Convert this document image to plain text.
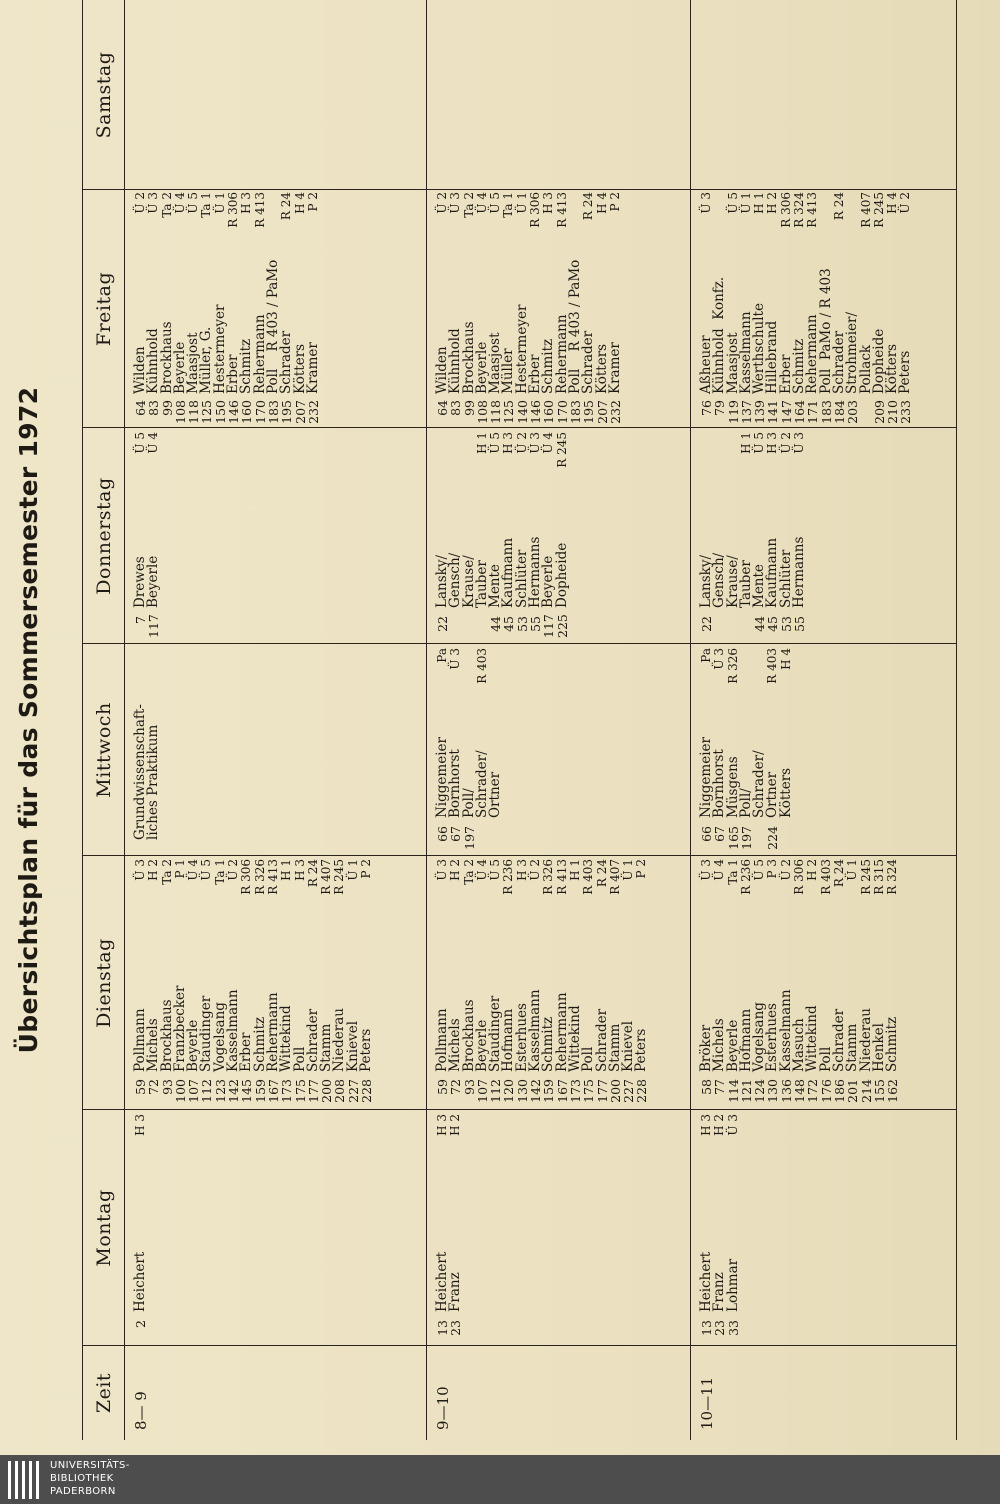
Übersichtsplan für das Sommersemester 1972
Zeit
Montag
Dienstag
Mittwoch
Donnerstag
Freitag
Samstag
8— 9
2
Heichert
H 3
59
72
93
100
107
112
123
142
145
159
167
173
175
177
200
208
227
228
Pollmann
Michels
Brockhaus
Franzbecker
Beyerle
Staudinger
Vogelsang
Kasselmann
Erber
Schmitz
Rehermann
Wittekind
Poll
Schrader
Stamm
Niederau
Knievel
Peters
Ü 3
H 2
Ta 2
P 1
Ü 4
Ü 5
Ta 1
Ü 2
R 306
R 326
R 413
H 1
H 3
R 24
R 407
R 245
Ü 1
P 2
Grundwissenschaft-
liches Praktikum
7
117
Drewes
Beyerle
Ü 5
Ü 4
64
83
99
108
118
125
150
146
160
170
183
195
207
232
Wilden
Kühnhold
Brockhaus
Beyerle
Maasjost
Müller, G.
Hestermeyer
Erber
Schmitz
Rehermann
Poll    R 403 / PaMo
Schrader
Kötters
Kramer
Ü 2
Ü 3
Ta 2
Ü 4
Ü 5
Ta 1
Ü 1
R 306
H 3
R 413

R 24
H 4
P 2
9—10
13
23
Heichert
Franz
H 3
H 2
59
72
93
107
112
120
130
142
159
167
173
175
177
200
227
228
Pollmann
Michels
Brockhaus
Beyerle
Staudinger
Hofmann
Esterhues
Kasselmann
Schmitz
Rehermann
Wittekind
Poll
Schrader
Stamm
Knievel
Peters
Ü 3
H 2
Ta 2
Ü 4
Ü 5
R 236
H 3
Ü 2
R 326
R 413
H 1
R 403
R 24
R 407
Ü 1
P 2
66
67
197
Niggemeier
Bornhorst
Poll/
Schrader/
Ortner
Pa
Ü 3

R 403
22

44
45
53
55
117
225
Lansky/
Gensch/
Krause/
Tauber
Mente
Kaufmann
Schlüter
Hermanns
Beyerle
Dopheide

H 1
Ü 5
H 3
Ü 2
Ü 3
Ü 4
R 245
64
83
99
108
118
125
140
146
160
170
183
195
207
232
Wilden
Kühnhold
Brockhaus
Beyerle
Maasjost
Müller
Hestermeyer
Erber
Schmitz
Rehermann
Poll    R 403 / PaMo
Schrader
Kötters
Kramer
Ü 2
Ü 3
Ta 2
Ü 4
Ü 5
Ta 1
Ü 1
R 306
H 3
R 413

R 24
H 4
P 2
10—11
13
23
33
Heichert
Franz
Lohmar
H 3
H 2
Ü 3
58
77
114
121
124
130
136
148
172
176
186
201
214
155
162
Bröker
Michels
Beyerle
Hofmann
Vogelsang
Esterhues
Kasselmann
Masuch
Wittekind
Poll
Schrader
Stamm
Niederau
Henkel
Schmitz
Ü 3
Ü 4
Ta 1
R 236
Ü 5
P 3
Ü 2
R 306
H 2
R 403
R 24
Ü 1
R 245
R 315
R 324
66
67
165
197

224
Niggemeier
Bornhorst
Müsgens
Poll/
Schrader/
Ortner
Kötters
Pa
Ü 3
R 326

R 403
H 4
22

44
45
53
55
Lansky/
Gensch/
Krause/
Tauber
Mente
Kaufmann
Schlüter
Hermanns

H 1
Ü 5
H 3
Ü 2
Ü 3
76
79
119
137
139
141
147
164
171
183
184
203

209
210
233
Aßheuer
Kühnhold  Konfz.
Maasjost
Kasselmann
Werthschulte
Hillebrand
Erber
Schmitz
Rehermann
Poll  PaMo / R 403
Schrader
Strohmeier/
Pollack
Dopheide
Kötters
Peters
Ü 3

Ü 5
Ü 1
H 1
H 2
R 306
R 324
R 413

R 24

R 407
R 245
H 4
Ü 2
UNIVERSITÄTS-
BIBLIOTHEK
PADERBORN
